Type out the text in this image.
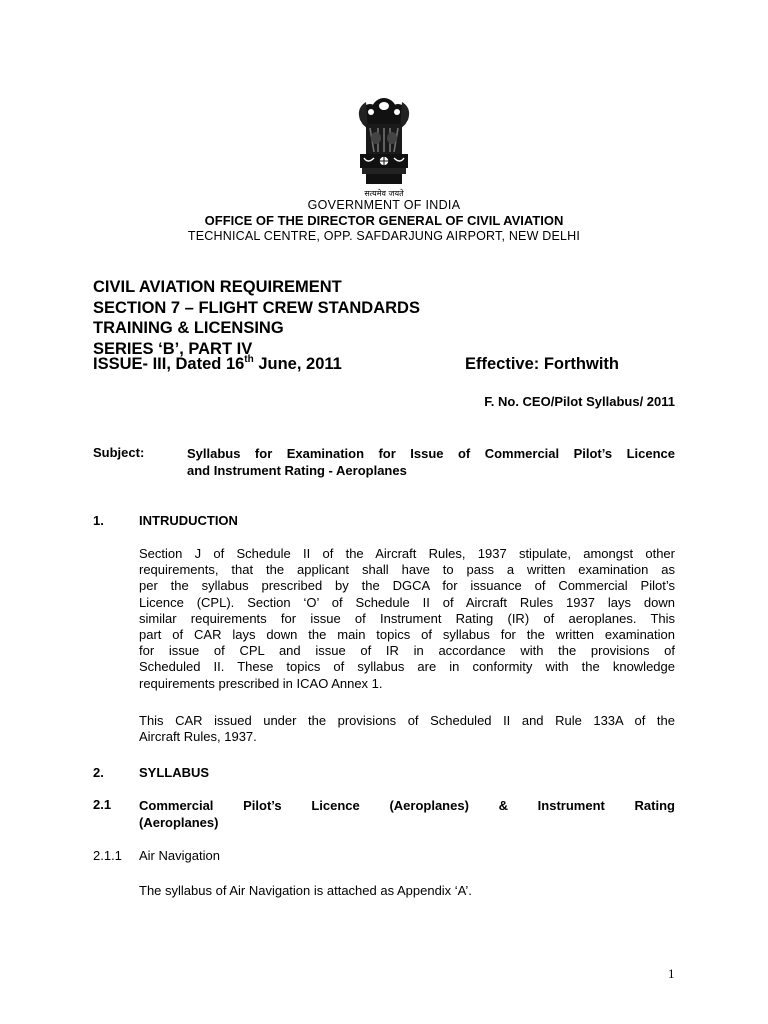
सत्यमेव जयते
GOVERNMENT OF INDIA
OFFICE OF THE DIRECTOR GENERAL OF CIVIL AVIATION
TECHNICAL CENTRE, OPP. SAFDARJUNG AIRPORT, NEW DELHI
CIVIL AVIATION REQUIREMENT
SECTION 7 – FLIGHT CREW STANDARDS
TRAINING & LICENSING
SERIES ‘B’, PART IV
ISSUE- III, Dated 16th June, 2011	Effective: Forthwith
F. No. CEO/Pilot Syllabus/ 2011
Subject:	Syllabus for Examination for Issue of Commercial Pilot’s Licence
and Instrument Rating - Aeroplanes
1.	INTRUDUCTION
Section J of Schedule II of the Aircraft Rules, 1937 stipulate, amongst other
requirements, that the applicant shall have to pass a written examination as
per the syllabus prescribed by the DGCA for issuance of Commercial Pilot’s
Licence (CPL). Section ‘O’ of Schedule II of Aircraft Rules 1937 lays down
similar requirements for issue of Instrument Rating (IR) of aeroplanes. This
part of CAR lays down the main topics of syllabus for the written examination
for issue of CPL and issue of IR in accordance with the provisions of
Scheduled II. These topics of syllabus are in conformity with the knowledge
requirements prescribed in ICAO Annex 1.
This CAR issued under the provisions of Scheduled II and Rule 133A of the
Aircraft Rules, 1937.
2.	SYLLABUS
2.1 Commercial Pilot’s Licence (Aeroplanes) & Instrument Rating
(Aeroplanes)
2.1.1 Air Navigation
The syllabus of Air Navigation is attached as Appendix ‘A’.
1
